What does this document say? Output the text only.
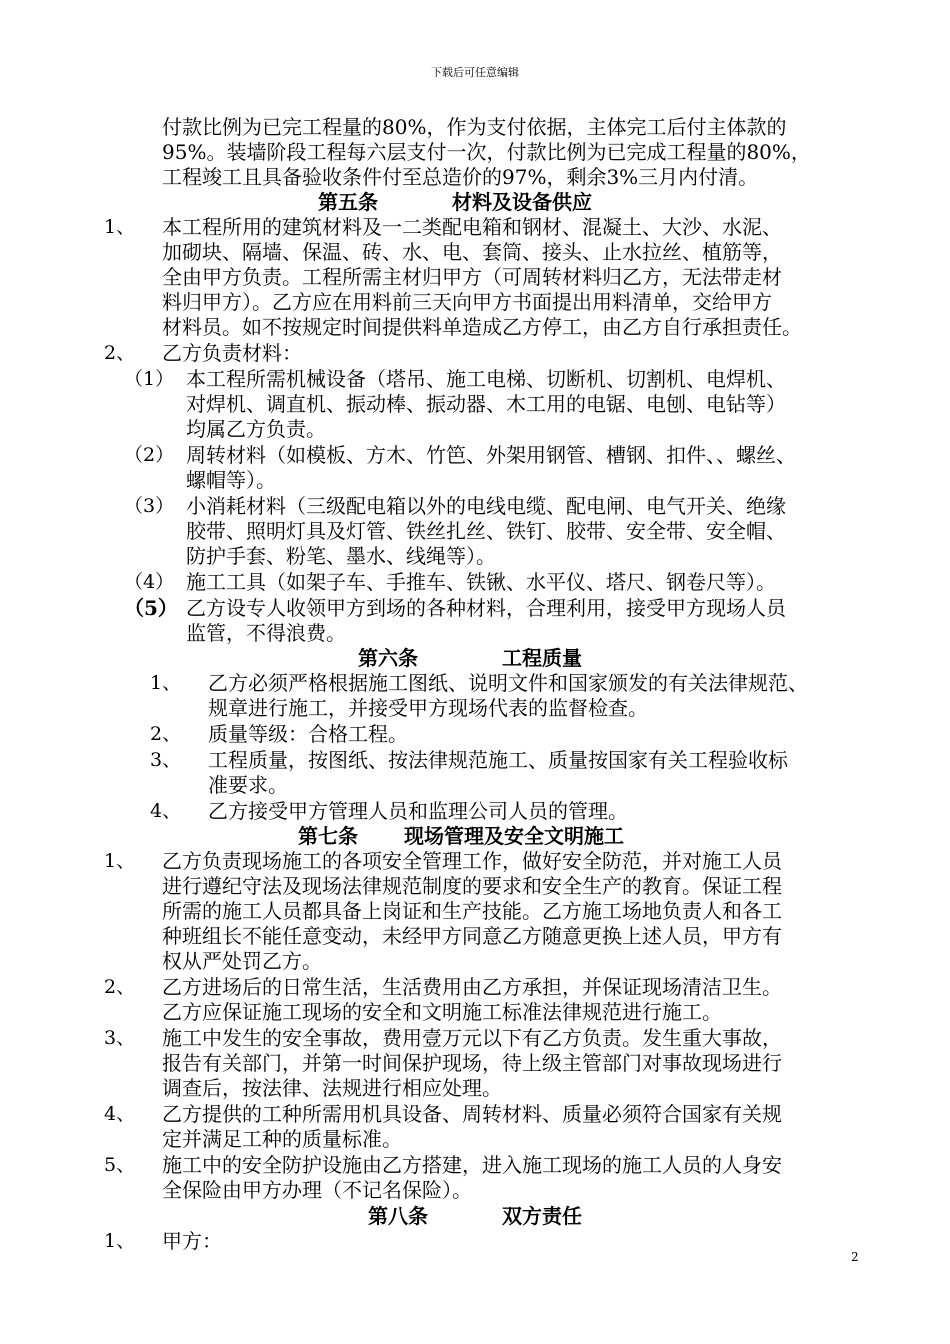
下载后可任意编辑
付款比例为已完工程量的80%，作为支付依据，主体完工后付主体款的
95%。装墙阶段工程每六层支付一次，付款比例为已完成工程量的80%，
工程竣工且具备验收条件付至总造价的97%，剩余3%三月内付清。
第五条	材料及设备供应
1、 本工程所用的建筑材料及一二类配电箱和钢材、混凝土、大沙、水泥、
加砌块、隔墙、保温、砖、水、电、套筒、接头、止水拉丝、植筋等，
全由甲方负责。工程所需主材归甲方（可周转材料归乙方，无法带走材
料归甲方）。乙方应在用料前三天向甲方书面提出用料清单，交给甲方
材料员。如不按规定时间提供料单造成乙方停工，由乙方自行承担责任。
2、 乙方负责材料：
（1） 本工程所需机械设备（塔吊、施工电梯、切断机、切割机、电焊机、
对焊机、调直机、振动棒、振动器、木工用的电锯、电刨、电钻等）
均属乙方负责。
（2） 周转材料（如模板、方木、竹笆、外架用钢管、槽钢、扣件、、螺丝、
螺帽等）。
（3） 小消耗材料（三级配电箱以外的电线电缆、配电闸、电气开关、绝缘
胶带、照明灯具及灯管、铁丝扎丝、铁钉、胶带、安全带、安全帽、
防护手套、粉笔、墨水、线绳等）。
（4） 施工工具（如架子车、手推车、铁锹、水平仪、塔尺、钢卷尺等）。
（5） 乙方设专人收领甲方到场的各种材料，合理利用，接受甲方现场人员
监管，不得浪费。
第六条	工程质量
1、 乙方必须严格根据施工图纸、说明文件和国家颁发的有关法律规范、
规章进行施工，并接受甲方现场代表的监督检查。
2、 质量等级：合格工程。
3、 工程质量，按图纸、按法律规范施工、质量按国家有关工程验收标
准要求。
4、 乙方接受甲方管理人员和监理公司人员的管理。
第七条 现场管理及安全文明施工
1、 乙方负责现场施工的各项安全管理工作，做好安全防范，并对施工人员
进行遵纪守法及现场法律规范制度的要求和安全生产的教育。保证工程
所需的施工人员都具备上岗证和生产技能。乙方施工场地负责人和各工
种班组长不能任意变动，未经甲方同意乙方随意更换上述人员，甲方有
权从严处罚乙方。
2、 乙方进场后的日常生活，生活费用由乙方承担，并保证现场清洁卫生。
乙方应保证施工现场的安全和文明施工标准法律规范进行施工。
3、 施工中发生的安全事故，费用壹万元以下有乙方负责。发生重大事故，
报告有关部门，并第一时间保护现场，待上级主管部门对事故现场进行
调查后，按法律、法规进行相应处理。
4、 乙方提供的工种所需用机具设备、周转材料、质量必须符合国家有关规
定并满足工种的质量标准。
5、 施工中的安全防护设施由乙方搭建，进入施工现场的施工人员的人身安
全保险由甲方办理（不记名保险）。
第八条	双方责任
1、 甲方：
2
